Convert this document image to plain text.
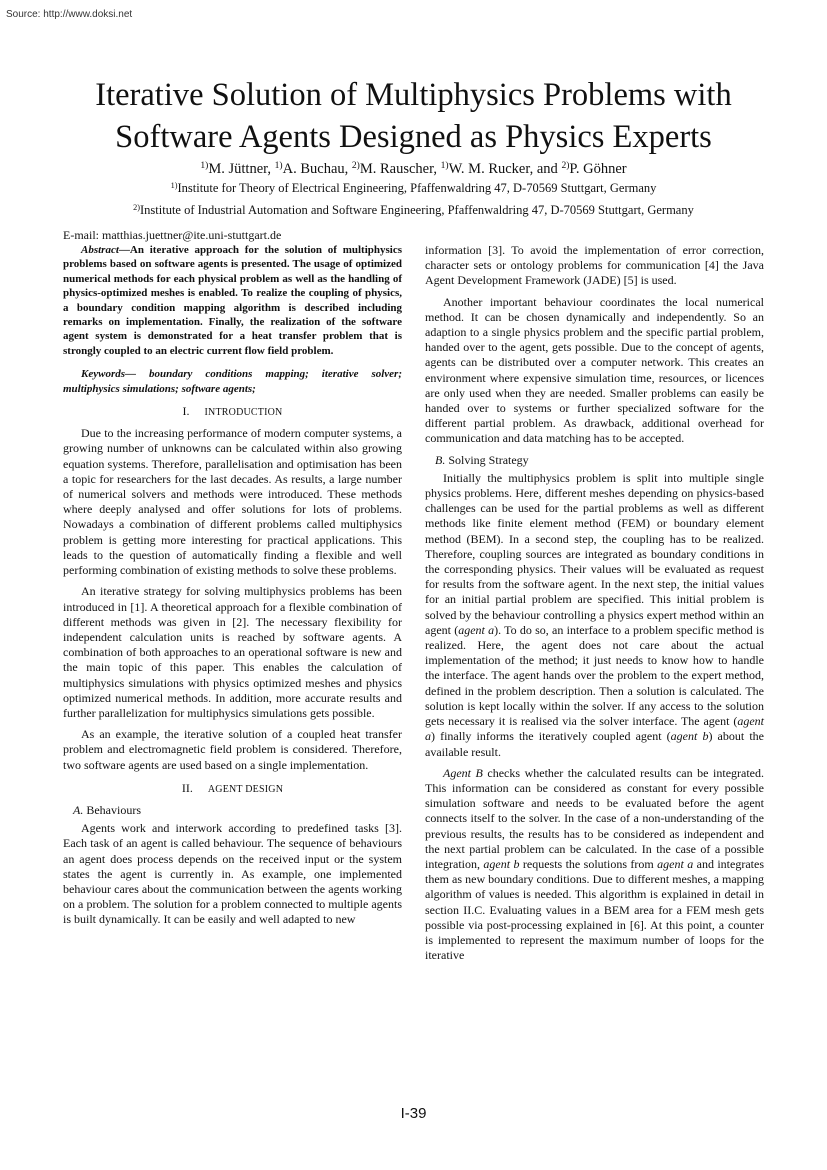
Source: http://www.doksi.net
Iterative Solution of Multiphysics Problems with Software Agents Designed as Physics Experts
$^{1)}$M. Jüttner, $^{1)}$A. Buchau, $^{2)}$M. Rauscher, $^{1)}$W. M. Rucker, and $^{2)}$P. Göhner
$^{1)}$Institute for Theory of Electrical Engineering, Pfaffenwaldring 47, D-70569 Stuttgart, Germany
$^{2)}$Institute of Industrial Automation and Software Engineering, Pfaffenwaldring 47, D-70569 Stuttgart, Germany
E-mail: matthias.juettner@ite.uni-stuttgart.de

Abstract—An iterative approach for the solution of multiphysics problems based on software agents is presented. The usage of optimized numerical methods for each physical problem as well as the handling of physics-optimized meshes is enabled. To realize the coupling of physics, a boundary condition mapping algorithm is described including remarks on implementation. Finally, the realization of the software agent system is demonstrated for a heat transfer problem that is strongly coupled to an electric current flow field problem.

Keywords— boundary conditions mapping; iterative solver; multiphysics simulations; software agents;

I. INTRODUCTION

Due to the increasing performance of modern computer systems, a growing number of unknowns can be calculated within also growing equation systems. Therefore, parallelisation and optimisation has been a topic for researchers for the last decades. As results, a large number of numerical solvers and methods were introduced. These methods where deeply analysed and offer solutions for lots of problems. Nowadays a combination of different problems called multiphysics problem is getting more interesting for practical applications. This leads to the question of automatically finding a flexible and well performing combination of existing methods to solve these problems.

An iterative strategy for solving multiphysics problems has been introduced in [1]. A theoretical approach for a flexible combination of different methods was given in [2]. The necessary flexibility for independent calculation units is reached by software agents. A combination of both approaches to an operational software is new and the main topic of this paper. This enables the calculation of multiphysics simulations with physics optimized meshes and physics optimized numerical methods. In addition, more accurate results and further parallelization for multiphysics simulations gets possible.

As an example, the iterative solution of a coupled heat transfer problem and electromagnetic field problem is considered. Therefore, two software agents are used based on a single implementation.

II. AGENT DESIGN
A. Behaviours

Agents work and interwork according to predefined tasks [3]. Each task of an agent is called behaviour. The sequence of behaviours an agent does process depends on the received input or the system states the agent is currently in. As example, one implemented behaviour cares about the communication between the agents working on a problem. The solution for a problem connected to multiple agents is built dynamically. It can be easily and well adapted to new

information [3]. To avoid the implementation of error correction, character sets or ontology problems for communication [4] the Java Agent Development Framework (JADE) [5] is used.

Another important behaviour coordinates the local numerical method. It can be chosen dynamically and independently. So an adaption to a single physics problem and the specific partial problem, handed over to the agent, gets possible. Due to the concept of agents, agents can be distributed over a computer network. This creates an environment where expensive simulation time, resources, or licences are only used when they are needed. Smaller problems can easily be handed over to systems or further specialized software for the different partial problem. As drawback, additional overhead for communication and data matching has to be accepted.

B. Solving Strategy

Initially the multiphysics problem is split into multiple single physics problems. Here, different meshes depending on physics-based challenges can be used for the partial problems as well as different methods like finite element method (FEM) or boundary element method (BEM). In a second step, the coupling has to be realized. Therefore, coupling sources are integrated as boundary conditions in the corresponding physics. Their values will be evaluated as request for results from the software agent. In the next step, the initial values for an initial partial problem are specified. This initial problem is solved by the behaviour controlling a physics expert method within an agent (agent a). To do so, an interface to a problem specific method is realized. Here, the agent does not care about the actual implementation of the method; it just needs to know how to handle the interface. The agent hands over the problem to the expert method, defined in the problem description. Then a solution is calculated. The solution is kept locally within the solver. If any access to the solution gets necessary it is realised via the solver interface. The agent (agent a) finally informs the iteratively coupled agent (agent b) about the available result.

Agent B checks whether the calculated results can be integrated. This information can be considered as constant for every possible simulation software and needs to be evaluated before the agent connects itself to the solver. In the case of a non-understanding of the previous results, the results has to be considered as independent and the next partial problem can be calculated. In the case of a possible integration, agent b requests the solutions from agent a and integrates them as new boundary conditions. Due to different meshes, a mapping algorithm of values is needed. This algorithm is explained in detail in section II.C. Evaluating values in a BEM area for a FEM mesh gets possible via post-processing explained in [6]. At this point, a counter is implemented to represent the maximum number of loops for the iterative

I-39
